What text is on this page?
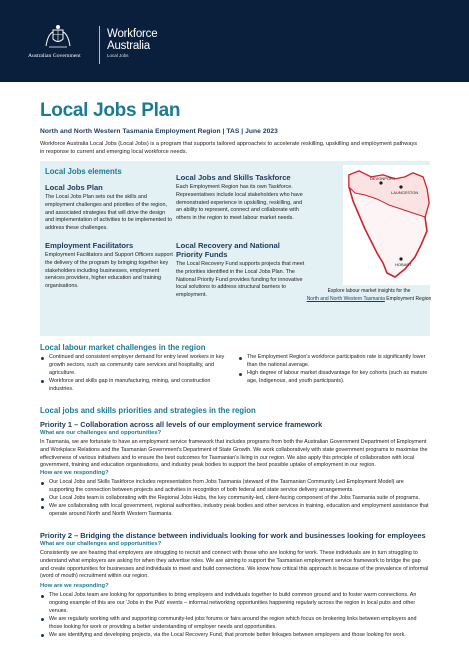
Australian Government
Workforce
Australia
Local Jobs
Local Jobs Plan
North and North Western Tasmania Employment Region | TAS | June 2023

Workforce Australia Local Jobs (Local Jobs) is a program that supports tailored approaches to accelerate reskilling, upskilling and employment pathways in response to current and emerging local workforce needs.

Local Jobs elements
Local Jobs Plan
The Local Jobs Plan sets out the skills and employment challenges and priorities of the region, and associated strategies that will drive the design and implementation of activities to be implemented to address these challenges.
Employment Facilitators
Employment Facilitators and Support Officers support the delivery of the program by bringing together key stakeholders including businesses, employment services providers, higher education and training organisations.
Local Jobs and Skills Taskforce
Each Employment Region has its own Taskforce. Representatives include local stakeholders who have demonstrated experience in upskilling, reskilling, and an ability to represent, connect and collaborate with others in the region to meet labour market needs.
Local Recovery and National Priority Funds
The Local Recovery Fund supports projects that meet the priorities identified in the Local Jobs Plan. The National Priority Fund provides funding for innovative local solutions to address structural barriers to employment.
DEVONPORT
LAUNCESTON
HOBART
Explore labour market insights for the
North and North Western Tasmania Employment Region
Local labour market challenges in the region
Continued and consistent employer demand for entry level workers in key growth sectors, such as community care services and hospitality, and agriculture.
Workforce and skills gap in manufacturing, mining, and construction industries.
The Employment Region's workforce participation rate is significantly lower than the national average.
High degree of labour market disadvantage for key cohorts (such as mature age, Indigenous, and youth participants).
Local jobs and skills priorities and strategies in the region
Priority 1 – Collaboration across all levels of our employment service framework
What are our challenges and opportunities?

In Tasmania, we are fortunate to have an employment service framework that includes programs from both the Australian Government Department of Employment and Workplace Relations and the Tasmanian Government's Department of State Growth. We work collaboratively with state government programs to maximise the effectiveness of various initiatives and to ensure the best outcomes for Tasmanian's living in our region. We also apply this principle of collaboration with local government, training and education organisations, and industry peak bodies to support the best possible uptake of employment in our region.

How are we responding?
Our Local Jobs and Skills Taskforce includes representation from Jobs Tasmania (steward of the Tasmanian Community Led Employment Model) are supporting the connection between projects and activities in recognition of both federal and state service delivery arrangements.
Our Local Jobs team is collaborating with the Regional Jobs Hubs, the key community-led, client-facing component of the Jobs Tasmania suite of programs.
We are collaborating with local government, regional authorities, industry peak bodies and other services in training, education and employment assistance that operate around North and North Western Tasmania.
Priority 2 – Bridging the distance between individuals looking for work and businesses looking for employees
What are our challenges and opportunities?

Consistently we are hearing that employers are struggling to recruit and connect with those who are looking for work. These individuals are in turn struggling to understand what employers are asking for when they advertise roles. We are aiming to support the Tasmanian employment service framework to bridge the gap and create opportunities for businesses and individuals to meet and build connections. We know how critical this approach is because of the prevalence of informal (word of mouth) recruitment within our region.

How are we responding?
The Local Jobs team are looking for opportunities to bring employers and individuals together to build common ground and to foster warm connections. An ongoing example of this are our 'Jobs in the Pub' events – informal networking opportunities happening regularly across the region in local pubs and other venues.
We are regularly working with and supporting community-led jobs forums or fairs around the region which focus on brokering links between employers and those looking for work or providing a better understanding of employer needs and opportunities.
We are identifying and developing projects, via the Local Recovery Fund, that promote better linkages between employers and those looking for work.
